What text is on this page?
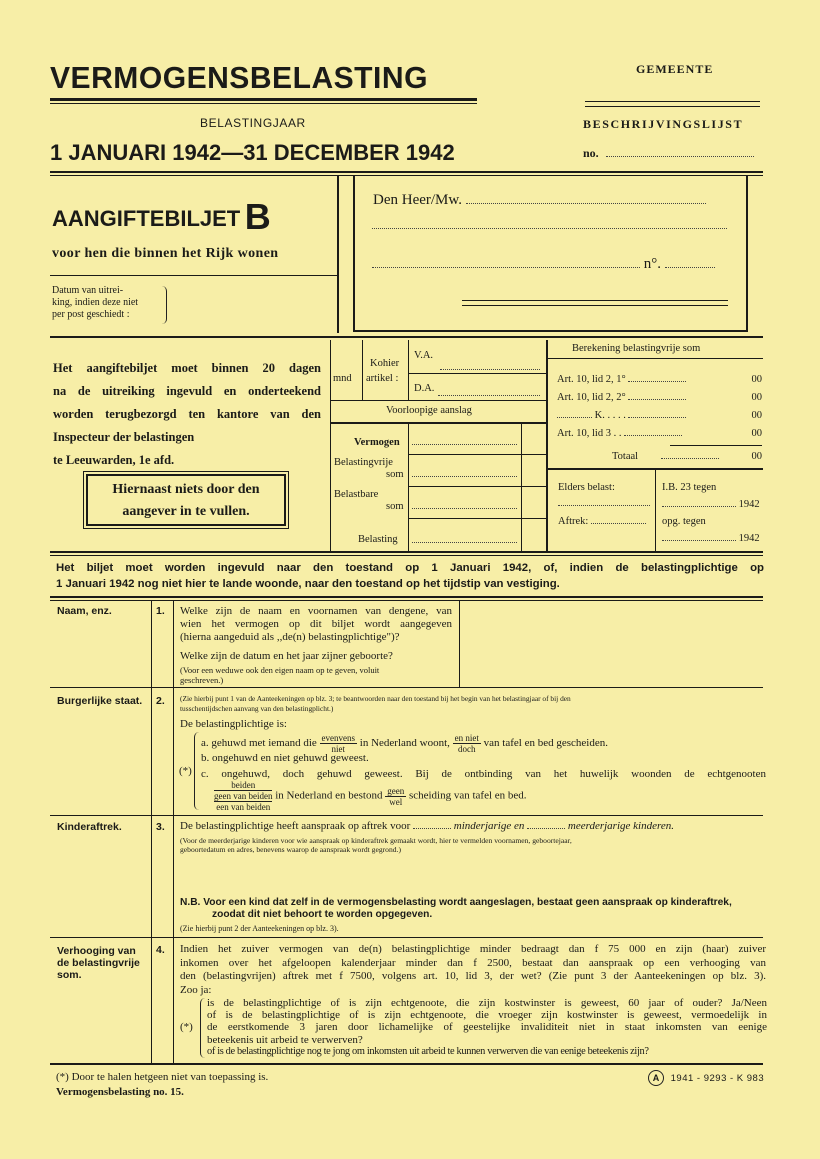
VERMOGENSBELASTING
BELASTINGJAAR
1 JANUARI 1942—31 DECEMBER 1942
GEMEENTE
BESCHRIJVINGSLIJST
no.
AANGIFTEBILJET B
voor hen die binnen het Rijk wonen
Datum van uitrei-
king, indien deze niet
per post geschiedt :
Den Heer/Mw.
n°.
Het aangiftebiljet moet binnen 20 dagen
na de uitreiking ingevuld en onderteekend
worden terugbezorgd ten kantore van den
Inspecteur der belastingen
te Leeuwarden, 1e afd.
Hiernaast niets door den
aangever in te vullen.
mnd
Kohier
artikel :
V.A.
D.A.
Voorloopige aanslag
Vermogen
Belastingvrije
som
Belastbare
som
Belasting
Berekening belastingvrije som
Art. 10, lid 2, 1°	00
Art. 10, lid 2, 2°	00
K. . . . .	00
Art. 10, lid 3 . .	00
Totaal	00
Elders belast:
Aftrek:
I.B. 23 tegen
1942
opg. tegen
1942
Het biljet moet worden ingevuld naar den toestand op 1 Januari 1942, of, indien de belastingplichtige op
1 Januari 1942 nog niet hier te lande woonde, naar den toestand op het tijdstip van vestiging.
Naam, enz.	1. Welke zijn de naam en voornamen van dengene, van
wien het vermogen op dit biljet wordt aangegeven
(hierna aangeduid als ,,de(n) belastingplichtige")?
Welke zijn de datum en het jaar zijner geboorte?
(Voor een weduwe ook den eigen naam op te geven, voluit
geschreven.)
Burgerlijke staat. 2. (Zie hierbij punt 1 van de Aanteekeningen op blz. 3; te beantwoorden naar den toestand bij het begin van het belastingjaar of bij den
tusschentijdschen aanvang van den belastingplicht.)
De belastingplichtige is:
(*)
a. gehuwd met iemand die $\frac{\text{evenvens}}{\text{niet}}$ in Nederland woont, $\frac{\text{en niet}}{\text{doch}}$ van tafel en bed gescheiden.
b. ongehuwd en niet gehuwd geweest.
c. ongehuwd, doch gehuwd geweest. Bij de ontbinding van het huwelijk woonden de echtgenooten
beiden
geen van beiden
een van beiden
in Nederland en bestond $\frac{\text{geen}}{\text{wel}}$ scheiding van tafel en bed.
Kinderaftrek.	3. De belastingplichtige heeft aanspraak op aftrek voor	minderjarige en	meerderjarige kinderen.
(Voor de meerderjarige kinderen voor wie aanspraak op kinderaftrek gemaakt wordt, hier te vermelden voornamen, geboortejaar,
geboortedatum en adres, benevens waarop de aanspraak wordt gegrond.)
N.B. Voor een kind dat zelf in de vermogensbelasting wordt aangeslagen, bestaat geen aanspraak op kinderaftrek,
zoodat dit niet behoort te worden opgegeven.
(Zie hierbij punt 2 der Aanteekeningen op blz. 3).
Verhooging van
de belastingvrije
som.
4. Indien het zuiver vermogen van de(n) belastingplichtige minder bedraagt dan f 75 000 en zijn (haar) zuiver
inkomen over het afgeloopen kalenderjaar minder dan f 2500, bestaat dan aanspraak op een verhooging van
den (belastingvrijen) aftrek met f 7500, volgens art. 10, lid 3, der wet? (Zie punt 3 der Aanteekeningen op blz. 3).
Zoo ja:
(*)
is de belastingplichtige of is zijn echtgenoote, die zijn kostwinster is geweest, 60 jaar of ouder? Ja/Neen
of is de belastingplichtige of is zijn echtgenoote, die vroeger zijn kostwinster is geweest, vermoedelijk in
de eerstkomende 3 jaren door lichamelijke of geestelijke invaliditeit niet in staat inkomsten van eenige
beteekenis uit arbeid te verwerven?
of is de belastingplichtige nog te jong om inkomsten uit arbeid te kunnen verwerven die van eenige beteekenis zijn?
(*) Door te halen hetgeen niet van toepassing is.
Vermogensbelasting no. 15.
A 1941 - 9293 - K 983
